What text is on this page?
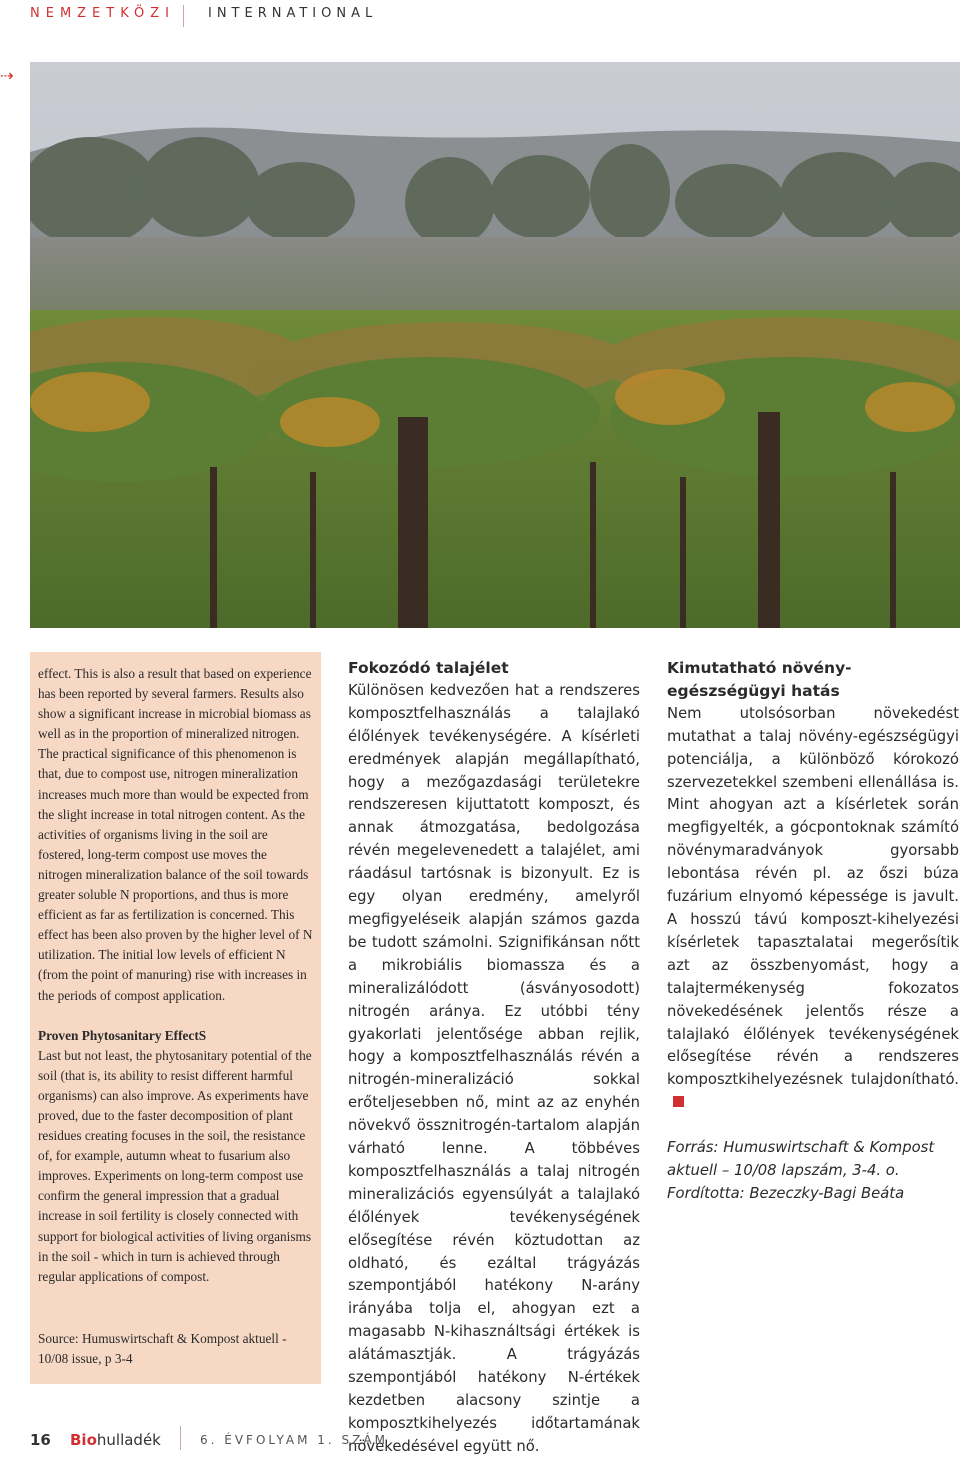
NEMZETKÖZI	INTERNATIONAL
⇢

effect. This is also a result that based on experience has been reported by several farmers. Results also show a significant increase in microbial biomass as well as in the proportion of mineralized nitrogen. The practical significance of this phenomenon is that, due to compost use, nitrogen mineralization increases much more than would be expected from the slight increase in total nitrogen content. As the activities of organisms living in the soil are fostered, long-term compost use moves the nitrogen mineralization balance of the soil towards greater soluble N proportions, and thus is more efficient as far as fertilization is concerned. This effect has been also proven by the higher level of N utilization. The initial low levels of efficient N (from the point of manuring) rise with increases in the periods of compost application.

Proven Phytosanitary EffectS

Last but not least, the phytosanitary potential of the soil (that is, its ability to resist different harmful organisms) can also improve. As experiments have proved, due to the faster decomposition of plant residues creating focuses in the soil, the resistance of, for example, autumn wheat to fusarium also improves. Experiments on long-term compost use confirm the general impression that a gradual increase in soil fertility is closely connected with support for biological activities of living organisms in the soil - which in turn is achieved through regular applications of compost.

Source: Humuswirtschaft & Kompost aktuell - 10/08 issue, p 3-4

Fokozódó talajélet

Különösen kedvezően hat a rendszeres komposztfelhasználás a talajlakó élőlények tevékenységére. A kísérleti eredmények alapján megállapítható, hogy a mezőgazdasági területekre rendszeresen kijuttatott komposzt, és annak átmozgatása, bedolgozása révén megelevenedett a talajélet, ami ráadásul tartósnak is bizonyult. Ez is egy olyan eredmény, amelyről megfigyeléseik alapján számos gazda be tudott számolni. Szignifikánsan nőtt a mikrobiális biomassza és a mineralizálódott (ásványosodott) nitrogén aránya. Ez utóbbi tény gyakorlati jelentősége abban rejlik, hogy a komposztfelhasználás révén a nitrogén-mineralizáció sokkal erőteljesebben nő, mint az az enyhén növekvő össznitrogén-tartalom alapján várható lenne. A többéves komposztfelhasználás a talaj nitrogén mineralizációs egyensúlyát a talajlakó élőlények tevékenységének elősegítése révén köztudottan az oldható, és ezáltal trágyázás szempontjából hatékony N-arány irányába tolja el, ahogyan ezt a magasabb N-kihasználtsági értékek is alátámasztják. A trágyázás szempontjából hatékony N-értékek kezdetben alacsony szintje a komposztkihelyezés időtartamának növekedésével együtt nő.

Kimutatható növény-egészségügyi hatás

Nem utolsósorban növekedést mutathat a talaj növény-egészségügyi potenciálja, a különböző kórokozó szervezetekkel szembeni ellenállása is. Mint ahogyan azt a kísérletek során megfigyelték, a gócpontoknak számító növénymaradványok gyorsabb lebontása révén pl. az őszi búza fuzárium elnyomó képessége is javult. A hosszú távú komposzt-kihelyezési kísérletek tapasztalatai megerősítik azt az összbenyomást, hogy a talajtermékenység fokozatos növekedésének jelentős része a talajlakó élőlények tevékenységének elősegítése révén a rendszeres komposztkihelyezésnek tulajdonítható.

Forrás: Humuswirtschaft & Kompost aktuell – 10/08 lapszám, 3-4. o.

Fordította: Bezeczky-Bagi Beáta

16 Biohulladék	6. ÉVFOLYAM 1. SZÁM
